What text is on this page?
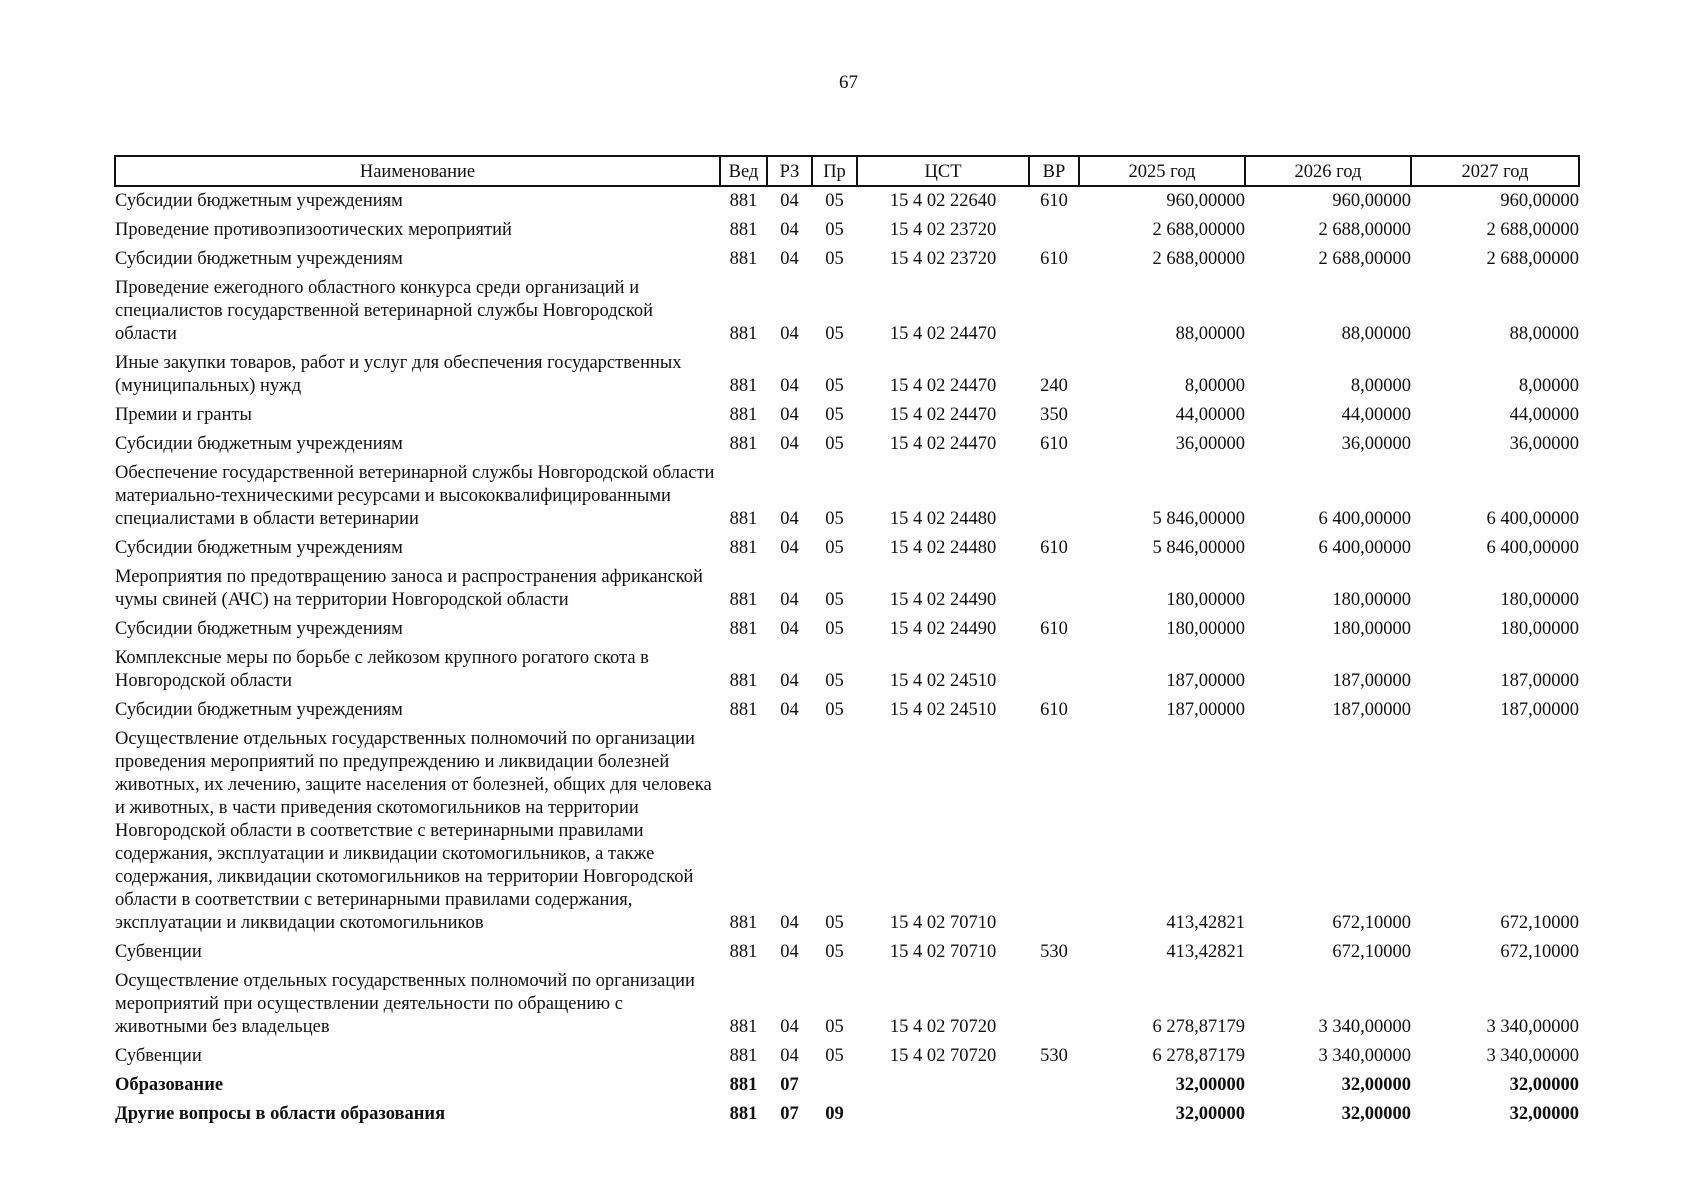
67
Наименование	Вед	РЗ	Пр	ЦСТ	ВР	2025 год	2026 год	2027 год
Субсидии бюджетным учреждениям	881	04	05	15 4 02 22640	610	960,00000	960,00000	960,00000
Проведение противоэпизоотических мероприятий	881	04	05	15 4 02 23720		2 688,00000	2 688,00000	2 688,00000
Субсидии бюджетным учреждениям	881	04	05	15 4 02 23720	610	2 688,00000	2 688,00000	2 688,00000
Проведение ежегодного областного конкурса среди организаций и специалистов государственной ветеринарной службы Новгородской области	881	04	05	15 4 02 24470		88,00000	88,00000	88,00000
Иные закупки товаров, работ и услуг для обеспечения государственных (муниципальных) нужд	881	04	05	15 4 02 24470	240	8,00000	8,00000	8,00000
Премии и гранты	881	04	05	15 4 02 24470	350	44,00000	44,00000	44,00000
Субсидии бюджетным учреждениям	881	04	05	15 4 02 24470	610	36,00000	36,00000	36,00000
Обеспечение государственной ветеринарной службы Новгородской области материально-техническими ресурсами и высококвалифицированными специалистами в области ветеринарии	881	04	05	15 4 02 24480		5 846,00000	6 400,00000	6 400,00000
Субсидии бюджетным учреждениям	881	04	05	15 4 02 24480	610	5 846,00000	6 400,00000	6 400,00000
Мероприятия по предотвращению заноса и распространения африканской чумы свиней (АЧС) на территории Новгородской области	881	04	05	15 4 02 24490		180,00000	180,00000	180,00000
Субсидии бюджетным учреждениям	881	04	05	15 4 02 24490	610	180,00000	180,00000	180,00000
Комплексные меры по борьбе с лейкозом крупного рогатого скота в Новгородской области	881	04	05	15 4 02 24510		187,00000	187,00000	187,00000
Субсидии бюджетным учреждениям	881	04	05	15 4 02 24510	610	187,00000	187,00000	187,00000
Осуществление отдельных государственных полномочий по организации проведения мероприятий по предупреждению и ликвидации болезней животных, их лечению, защите населения от болезней, общих для человека и животных, в части приведения скотомогильников на территории Новгородской области в соответствие с ветеринарными правилами содержания, эксплуатации и ликвидации скотомогильников, а также содержания, ликвидации скотомогильников на территории Новгородской области в соответствии с ветеринарными правилами содержания, эксплуатации и ликвидации скотомогильников	881	04	05	15 4 02 70710		413,42821	672,10000	672,10000
Субвенции	881	04	05	15 4 02 70710	530	413,42821	672,10000	672,10000
Осуществление отдельных государственных полномочий по организации мероприятий при осуществлении деятельности по обращению с животными без владельцев	881	04	05	15 4 02 70720		6 278,87179	3 340,00000	3 340,00000
Субвенции	881	04	05	15 4 02 70720	530	6 278,87179	3 340,00000	3 340,00000
Образование	881	07				32,00000	32,00000	32,00000
Другие вопросы в области образования	881	07	09			32,00000	32,00000	32,00000
